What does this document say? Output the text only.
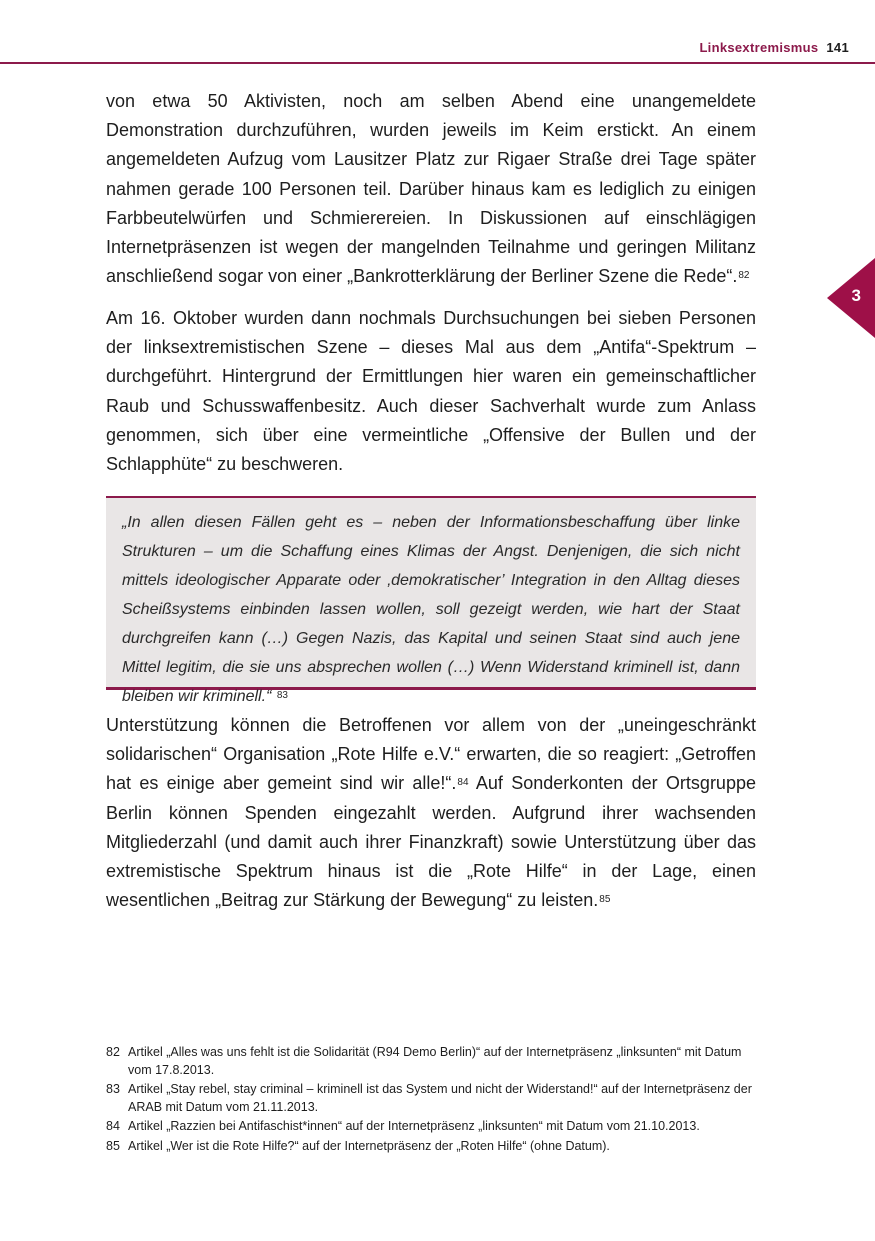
Linksextremismus 141
3

von etwa 50 Aktivisten, noch am selben Abend eine unangemeldete Demonstration durchzuführen, wurden jeweils im Keim erstickt. An einem angemeldeten Aufzug vom Lausitzer Platz zur Rigaer Straße drei Tage später nahmen gerade 100 Personen teil. Darüber hinaus kam es lediglich zu einigen Farbbeutelwürfen und Schmierereien. In Diskussionen auf einschlägigen Internetpräsenzen ist wegen der mangelnden Teilnahme und geringen Militanz anschließend sogar von einer „Bankrotterklärung der Berliner Szene die Rede“.$^{82}$

Am 16. Oktober wurden dann nochmals Durchsuchungen bei sieben Personen der linksextremistischen Szene – dieses Mal aus dem „Antifa“-Spektrum – durchgeführt. Hintergrund der Ermittlungen hier waren ein gemeinschaftlicher Raub und Schusswaffenbesitz. Auch dieser Sachverhalt wurde zum Anlass genommen, sich über eine vermeintliche „Offensive der Bullen und der Schlapphüte“ zu beschweren.

„In allen diesen Fällen geht es – neben der Informationsbeschaffung über linke Strukturen – um die Schaffung eines Klimas der Angst. Denjenigen, die sich nicht mittels ideologischer Apparate oder ‚demokratischer’ Integration in den Alltag dieses Scheißsystems einbinden lassen wollen, soll gezeigt werden, wie hart der Staat durchgreifen kann (…) Gegen Nazis, das Kapital und seinen Staat sind auch jene Mittel legitim, die sie uns absprechen wollen (…) Wenn Widerstand kriminell ist, dann bleiben wir kriminell.“ $^{83}$

Unterstützung können die Betroffenen vor allem von der „uneingeschränkt solidarischen“ Organisation „Rote Hilfe e.V.“ erwarten, die so reagiert: „Getroffen hat es einige aber gemeint sind wir alle!“.$^{84}$ Auf Sonderkonten der Ortsgruppe Berlin können Spenden eingezahlt werden. Aufgrund ihrer wachsenden Mitgliederzahl (und damit auch ihrer Finanzkraft) sowie Unterstützung über das extremistische Spektrum hinaus ist die „Rote Hilfe“ in der Lage, einen wesentlichen „Beitrag zur Stärkung der Bewegung“ zu leisten.$^{85}$

82 Artikel „Alles was uns fehlt ist die Solidarität (R94 Demo Berlin)“ auf der Internetpräsenz „linksunten“ mit Datum vom 17.8.2013.
83 Artikel „Stay rebel, stay criminal – kriminell ist das System und nicht der Widerstand!“ auf der Internetpräsenz der ARAB mit Datum vom 21.11.2013.
84 Artikel „Razzien bei Antifaschist*innen“ auf der Internetpräsenz „linksunten“ mit Datum vom 21.10.2013.
85 Artikel „Wer ist die Rote Hilfe?“ auf der Internetpräsenz der „Roten Hilfe“ (ohne Datum).
